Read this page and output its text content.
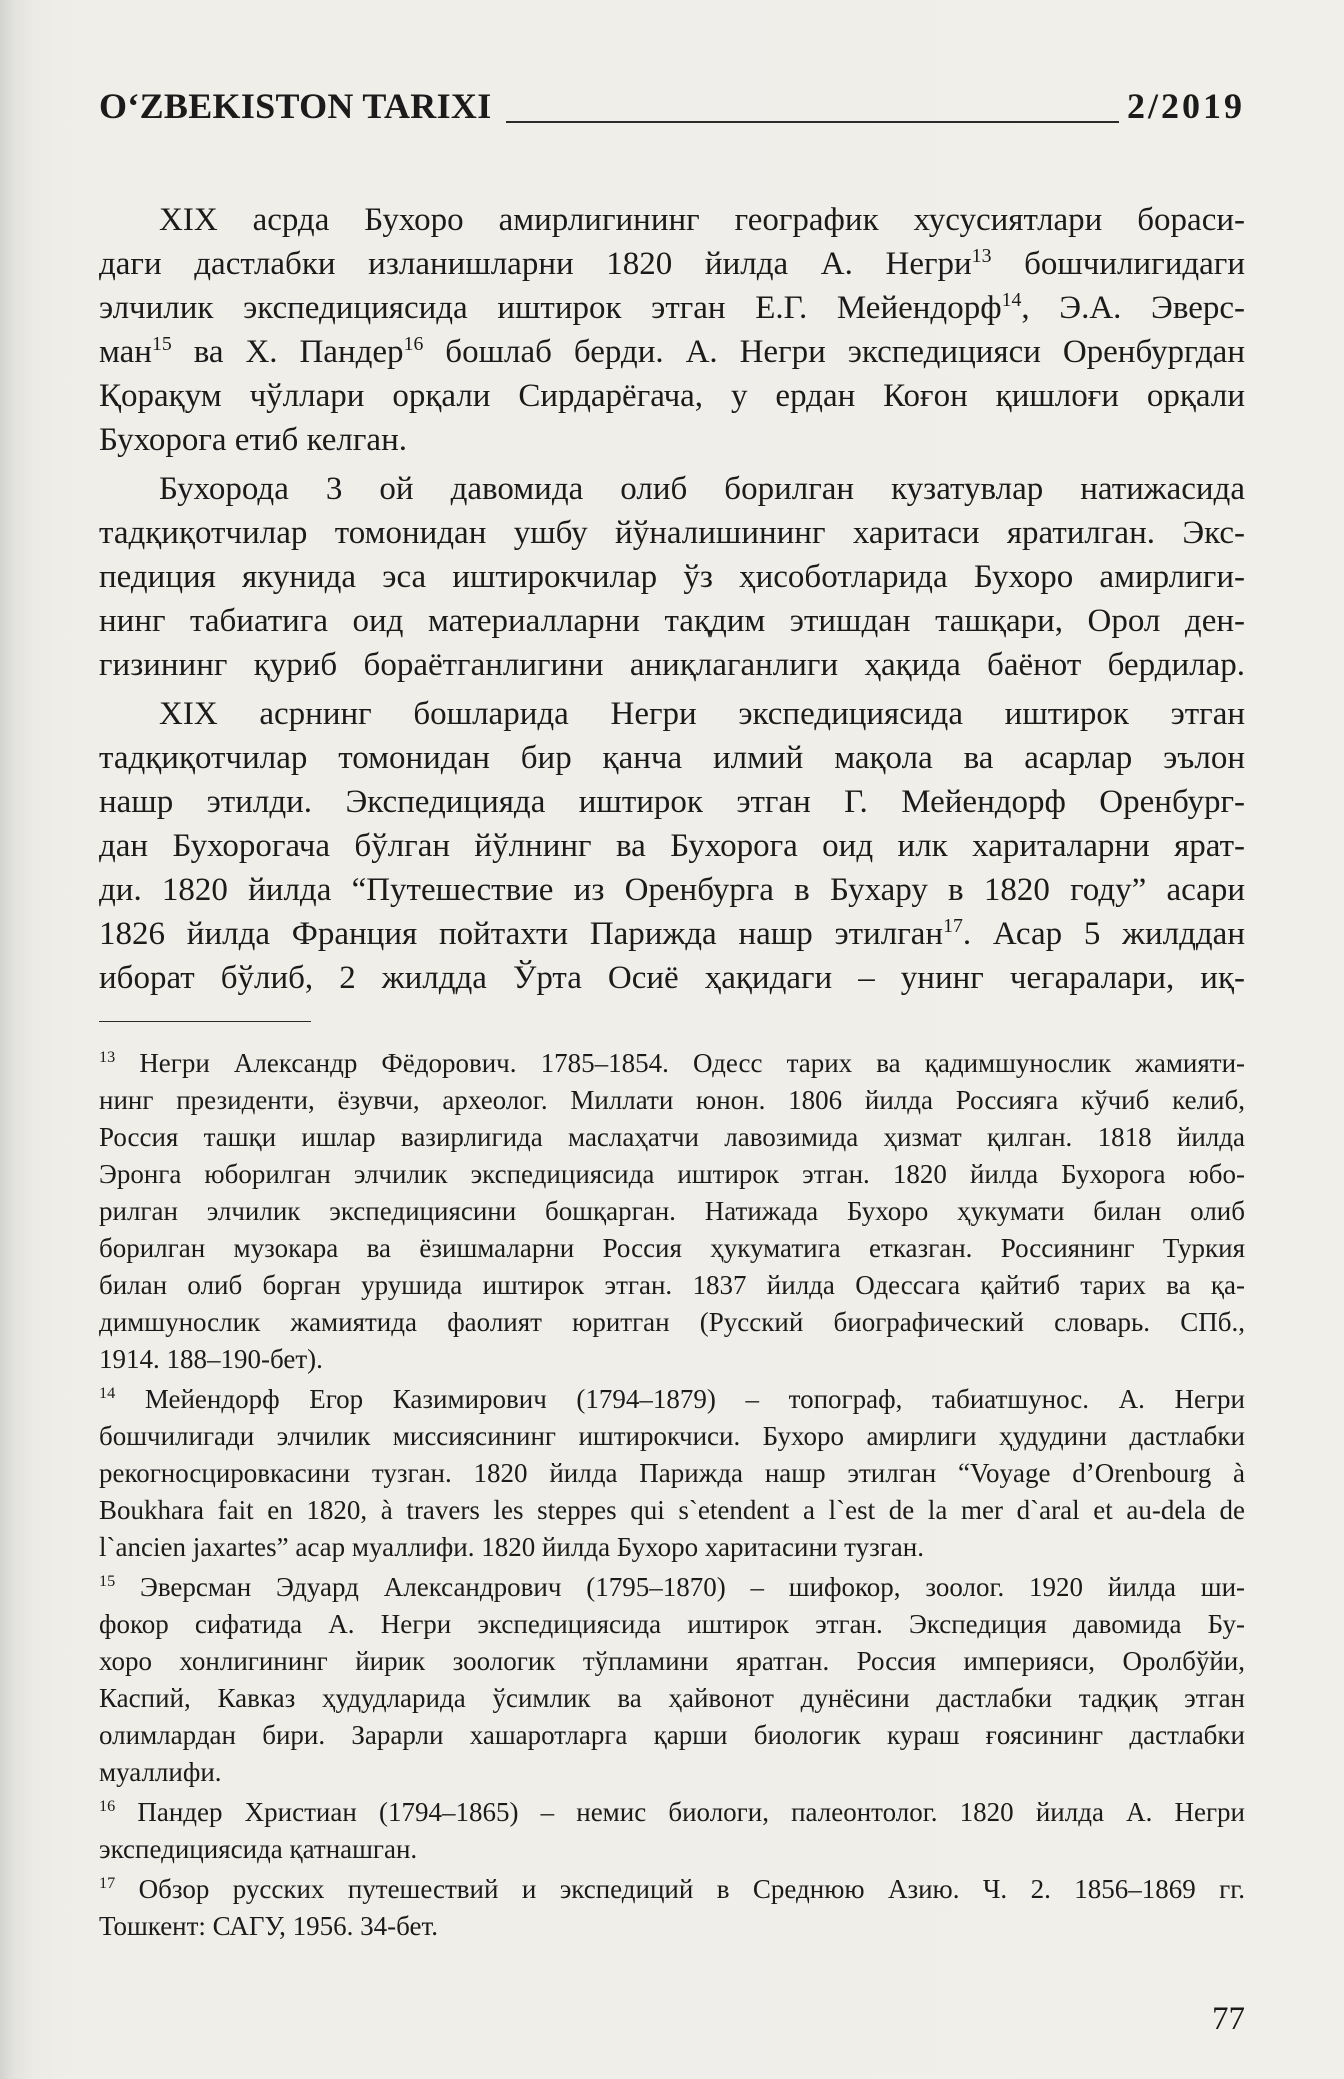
O‘ZBEKISTON TARIXI	2/2019
XIX асрда Бухоро амирлигининг географик хусусиятлари бораси-
даги дастлабки изланишларни 1820 йилда А. Негри$^{13}$ бошчилигидаги
элчилик экспедициясида иштирок этган Е.Г. Мейендорф$^{14}$, Э.А. Эверс-
ман$^{15}$ ва Х. Пандер$^{16}$ бошлаб берди. А. Негри экспедицияси Оренбургдан
Қорақум чўллари орқали Сирдарёгача, у ердан Коғон қишлоғи орқали
Бухорога етиб келган.
Бухорода 3 ой давомида олиб борилган кузатувлар натижасида
тадқиқотчилар томонидан ушбу йўналишининг харитаси яратилган. Экс-
педиция якунида эса иштирокчилар ўз ҳисоботларида Бухоро амирлиги-
нинг табиатига оид материалларни тақдим этишдан ташқари, Орол ден-
гизининг қуриб бораётганлигини аниқлаганлиги ҳақида баёнот бердилар.
XIX асрнинг бошларида Негри экспедициясида иштирок этган
тадқиқотчилар томонидан бир қанча илмий мақола ва асарлар эълон
нашр этилди. Экспедицияда иштирок этган Г. Мейендорф Оренбург-
дан Бухорогача бўлган йўлнинг ва Бухорога оид илк хариталарни ярат-
ди. 1820 йилда “Путешествие из Оренбурга в Бухару в 1820 году” асари
1826 йилда Франция пойтахти Парижда нашр этилган$^{17}$. Асар 5 жилддан
иборат бўлиб, 2 жилдда Ўрта Осиё ҳақидаги – унинг чегаралари, иқ-
$^{13}$ Негри Александр Фёдорович. 1785–1854. Одесс тарих ва қадимшунослик жамияти-
нинг президенти, ёзувчи, археолог. Миллати юнон. 1806 йилда Россияга кўчиб келиб,
Россия ташқи ишлар вазирлигида маслаҳатчи лавозимида ҳизмат қилган. 1818 йилда
Эронга юборилган элчилик экспедициясида иштирок этган. 1820 йилда Бухорога юбо-
рилган элчилик экспедициясини бошқарган. Натижада Бухоро ҳукумати билан олиб
борилган музокара ва ёзишмаларни Россия ҳукуматига етказган. Россиянинг Туркия
билан олиб борган урушида иштирок этган. 1837 йилда Одессага қайтиб тарих ва қа-
димшунослик жамиятида фаолият юритган (Русский биографический словарь. СПб.,
1914. 188–190-бет).
$^{14}$ Мейендорф Егор Казимирович (1794–1879) – топограф, табиатшунос. А. Негри
бошчилигади элчилик миссиясининг иштирокчиси. Бухоро амирлиги ҳудудини дастлабки
рекогносцировкасини тузган. 1820 йилда Парижда нашр этилган “Voyage d’Orenbourg à
Boukhara fait en 1820, à travers les steppes qui s`etendent a l`est de la mer d`aral et au-dela de
l`ancien jaxartes” асар муаллифи. 1820 йилда Бухоро харитасини тузган.
$^{15}$ Эверсман Эдуард Александрович (1795–1870) – шифокор, зоолог. 1920 йилда ши-
фокор сифатида А. Негри экспедициясида иштирок этган. Экспедиция давомида Бу-
хоро хонлигининг йирик зоологик тўпламини яратган. Россия империяси, Оролбўйи,
Каспий, Кавказ ҳудудларида ўсимлик ва ҳайвонот дунёсини дастлабки тадқиқ этган
олимлардан бири. Зарарли хашаротларга қарши биологик кураш ғоясининг дастлабки
муаллифи.
$^{16}$ Пандер Христиан (1794–1865) – немис биологи, палеонтолог. 1820 йилда А. Негри
экспедициясида қатнашган.
$^{17}$ Обзор русских путешествий и экспедиций в Среднюю Азию. Ч. 2. 1856–1869 гг.
Тошкент: САГУ, 1956. 34-бет.
77
